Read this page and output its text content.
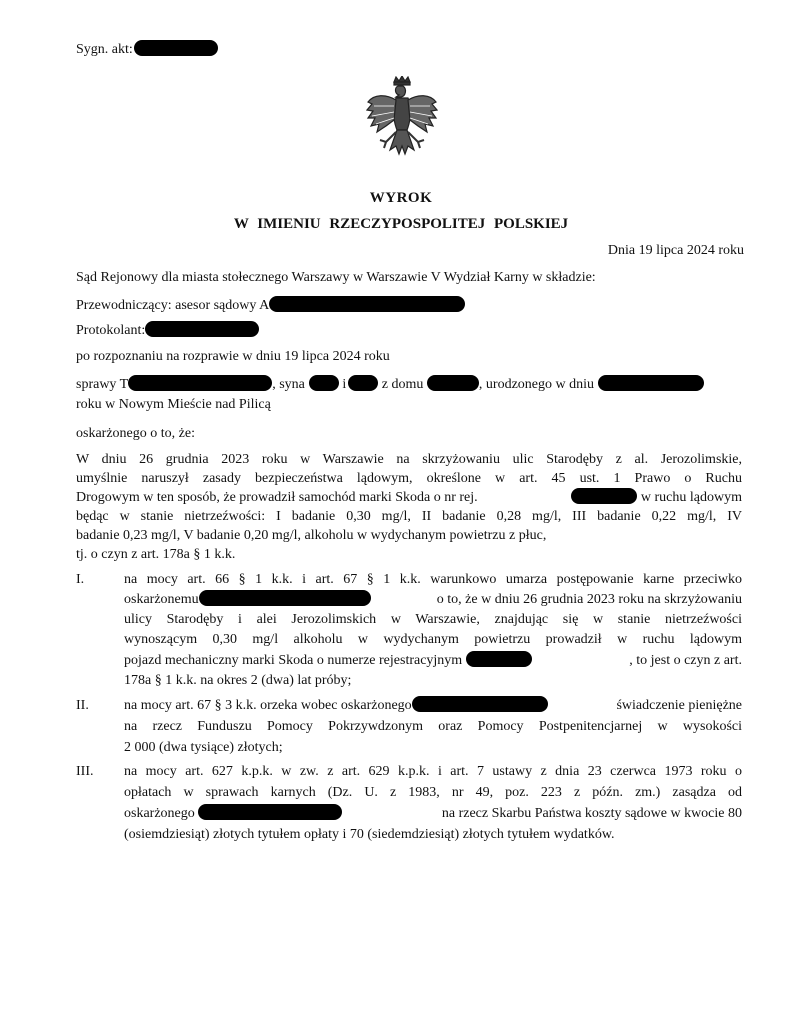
Sygn. akt:
WYROK
W IMIENIU RZECZYPOSPOLITEJ POLSKIEJ
Dnia 19 lipca 2024 roku
Sąd Rejonowy dla miasta stołecznego Warszawy w Warszawie V Wydział Karny w składzie:
Przewodniczący: asesor sądowy A
Protokolant:
po rozpoznaniu na rozprawie w dniu 19 lipca 2024 roku
sprawy T	, syna	i	z domu	, urodzonego w dniu
roku w Nowym Mieście nad Pilicą
oskarżonego o to, że:
W dniu 26 grudnia 2023 roku w Warszawie na skrzyżowaniu ulic Starodęby z al. Jerozolimskie,
umyślnie naruszył zasady bezpieczeństwa lądowym, określone w art. 45 ust. 1 Prawo o Ruchu
Drogowym w ten sposób, że prowadził samochód marki Skoda o nr rej.	w ruchu lądowym
będąc w stanie nietrzeźwości: I badanie 0,30 mg/l, II badanie 0,28 mg/l, III badanie 0,22 mg/l, IV
badanie 0,23 mg/l, V badanie 0,20 mg/l, alkoholu w wydychanym powietrzu z płuc,
tj. o czyn z art. 178a § 1 k.k.
I.	na mocy art. 66 § 1 k.k. i art. 67 § 1 k.k. warunkowo umarza postępowanie karne przeciwko
oskarżonemu	o to, że w dniu 26 grudnia 2023 roku na skrzyżowaniu
ulicy Starodęby i alei Jerozolimskich w Warszawie, znajdując się w stanie nietrzeźwości
wynoszącym 0,30 mg/l alkoholu w wydychanym powietrzu prowadził w ruchu lądowym
pojazd mechaniczny marki Skoda o numerze rejestracyjnym	, to jest o czyn z art.
178a § 1 k.k. na okres 2 (dwa) lat próby;
II.	na mocy art. 67 § 3 k.k. orzeka wobec oskarżonego	świadczenie pieniężne
na rzecz Funduszu Pomocy Pokrzywdzonym oraz Pomocy Postpenitencjarnej w wysokości
2 000 (dwa tysiące) złotych;
III. na mocy art. 627 k.p.k. w zw. z art. 629 k.p.k. i art. 7 ustawy z dnia 23 czerwca 1973 roku o
opłatach w sprawach karnych (Dz. U. z 1983, nr 49, poz. 223 z późn. zm.) zasądza od
oskarżonego	na rzecz Skarbu Państwa koszty sądowe w kwocie 80
(osiemdziesiąt) złotych tytułem opłaty i 70 (siedemdziesiąt) złotych tytułem wydatków.
